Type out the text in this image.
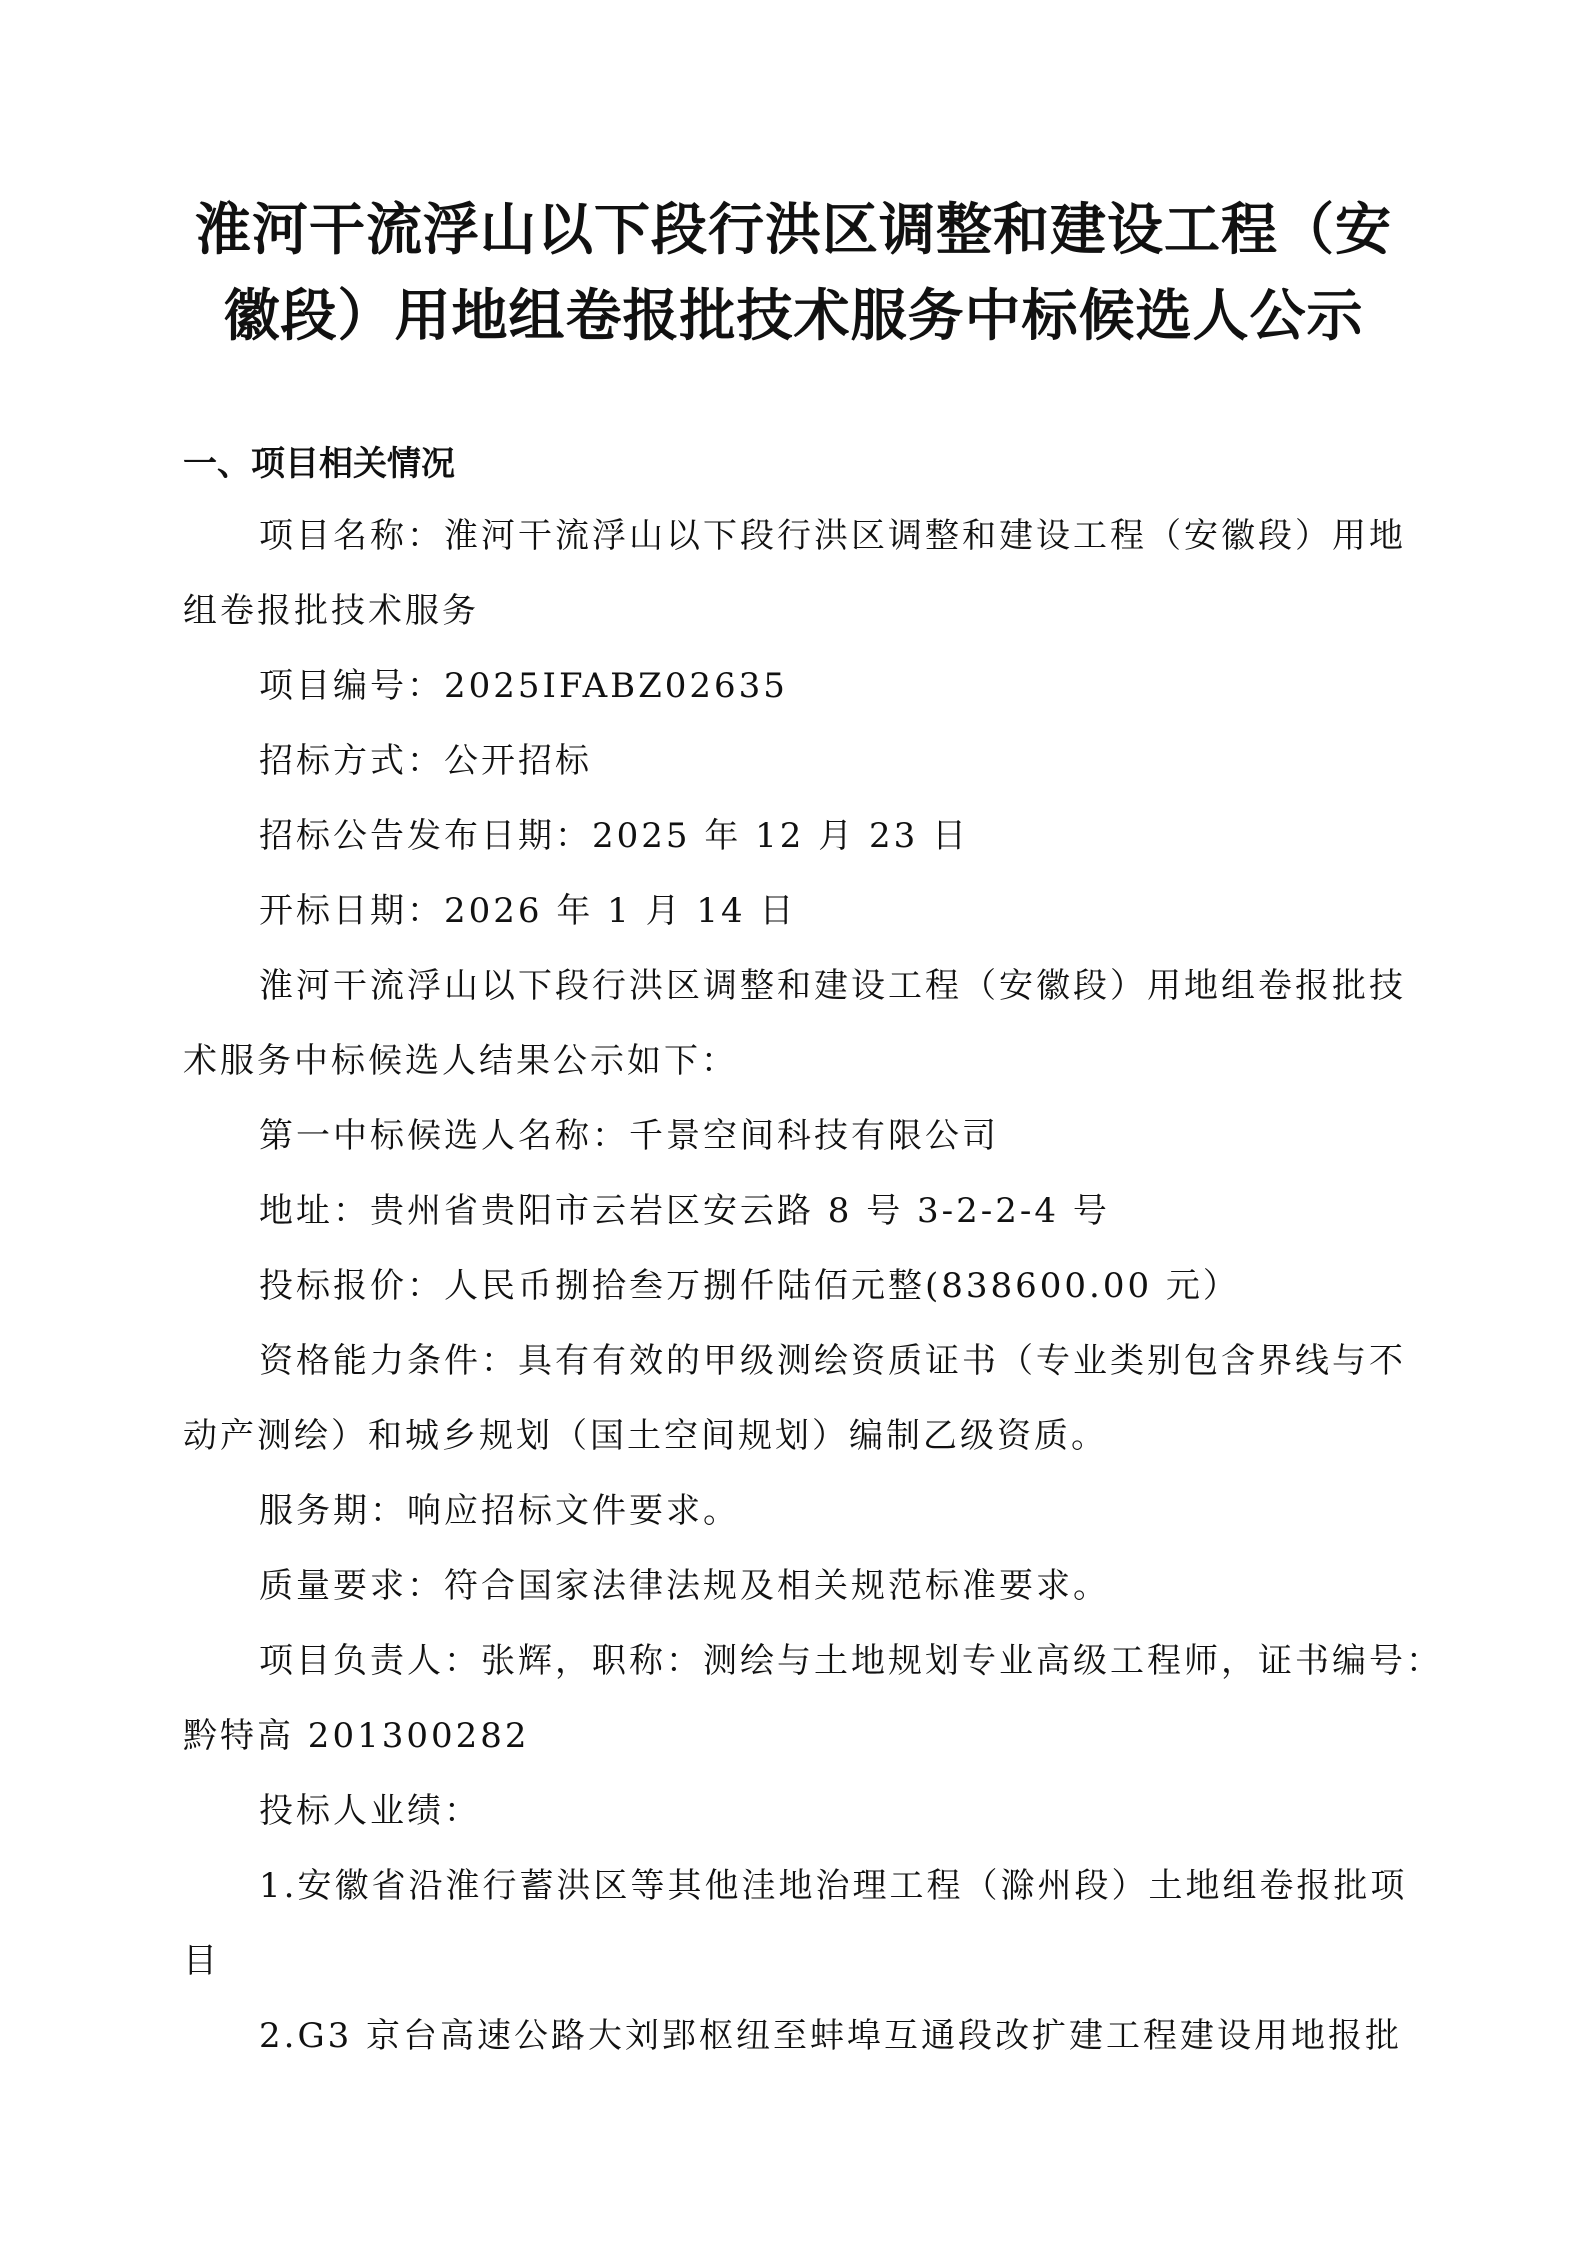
淮河干流浮山以下段行洪区调整和建设工程（安
徽段）用地组卷报批技术服务中标候选人公示
一、项目相关情况
项目名称：淮河干流浮山以下段行洪区调整和建设工程（安徽段）用地
组卷报批技术服务
项目编号：2025IFABZ02635
招标方式：公开招标
招标公告发布日期：2025 年 12 月 23 日
开标日期：2026 年 1 月 14 日
淮河干流浮山以下段行洪区调整和建设工程（安徽段）用地组卷报批技
术服务中标候选人结果公示如下：
第一中标候选人名称：千景空间科技有限公司
地址：贵州省贵阳市云岩区安云路 8 号 3-2-2-4 号
投标报价：人民币捌拾叁万捌仟陆佰元整(838600.00 元）
资格能力条件：具有有效的甲级测绘资质证书（专业类别包含界线与不
动产测绘）和城乡规划（国土空间规划）编制乙级资质。
服务期：响应招标文件要求。
质量要求：符合国家法律法规及相关规范标准要求。
项目负责人：张辉，职称：测绘与土地规划专业高级工程师，证书编号：
黔特高 201300282
投标人业绩：
1.安徽省沿淮行蓄洪区等其他洼地治理工程（滁州段）土地组卷报批项
目
2.G3 京台高速公路大刘郢枢纽至蚌埠互通段改扩建工程建设用地报批
